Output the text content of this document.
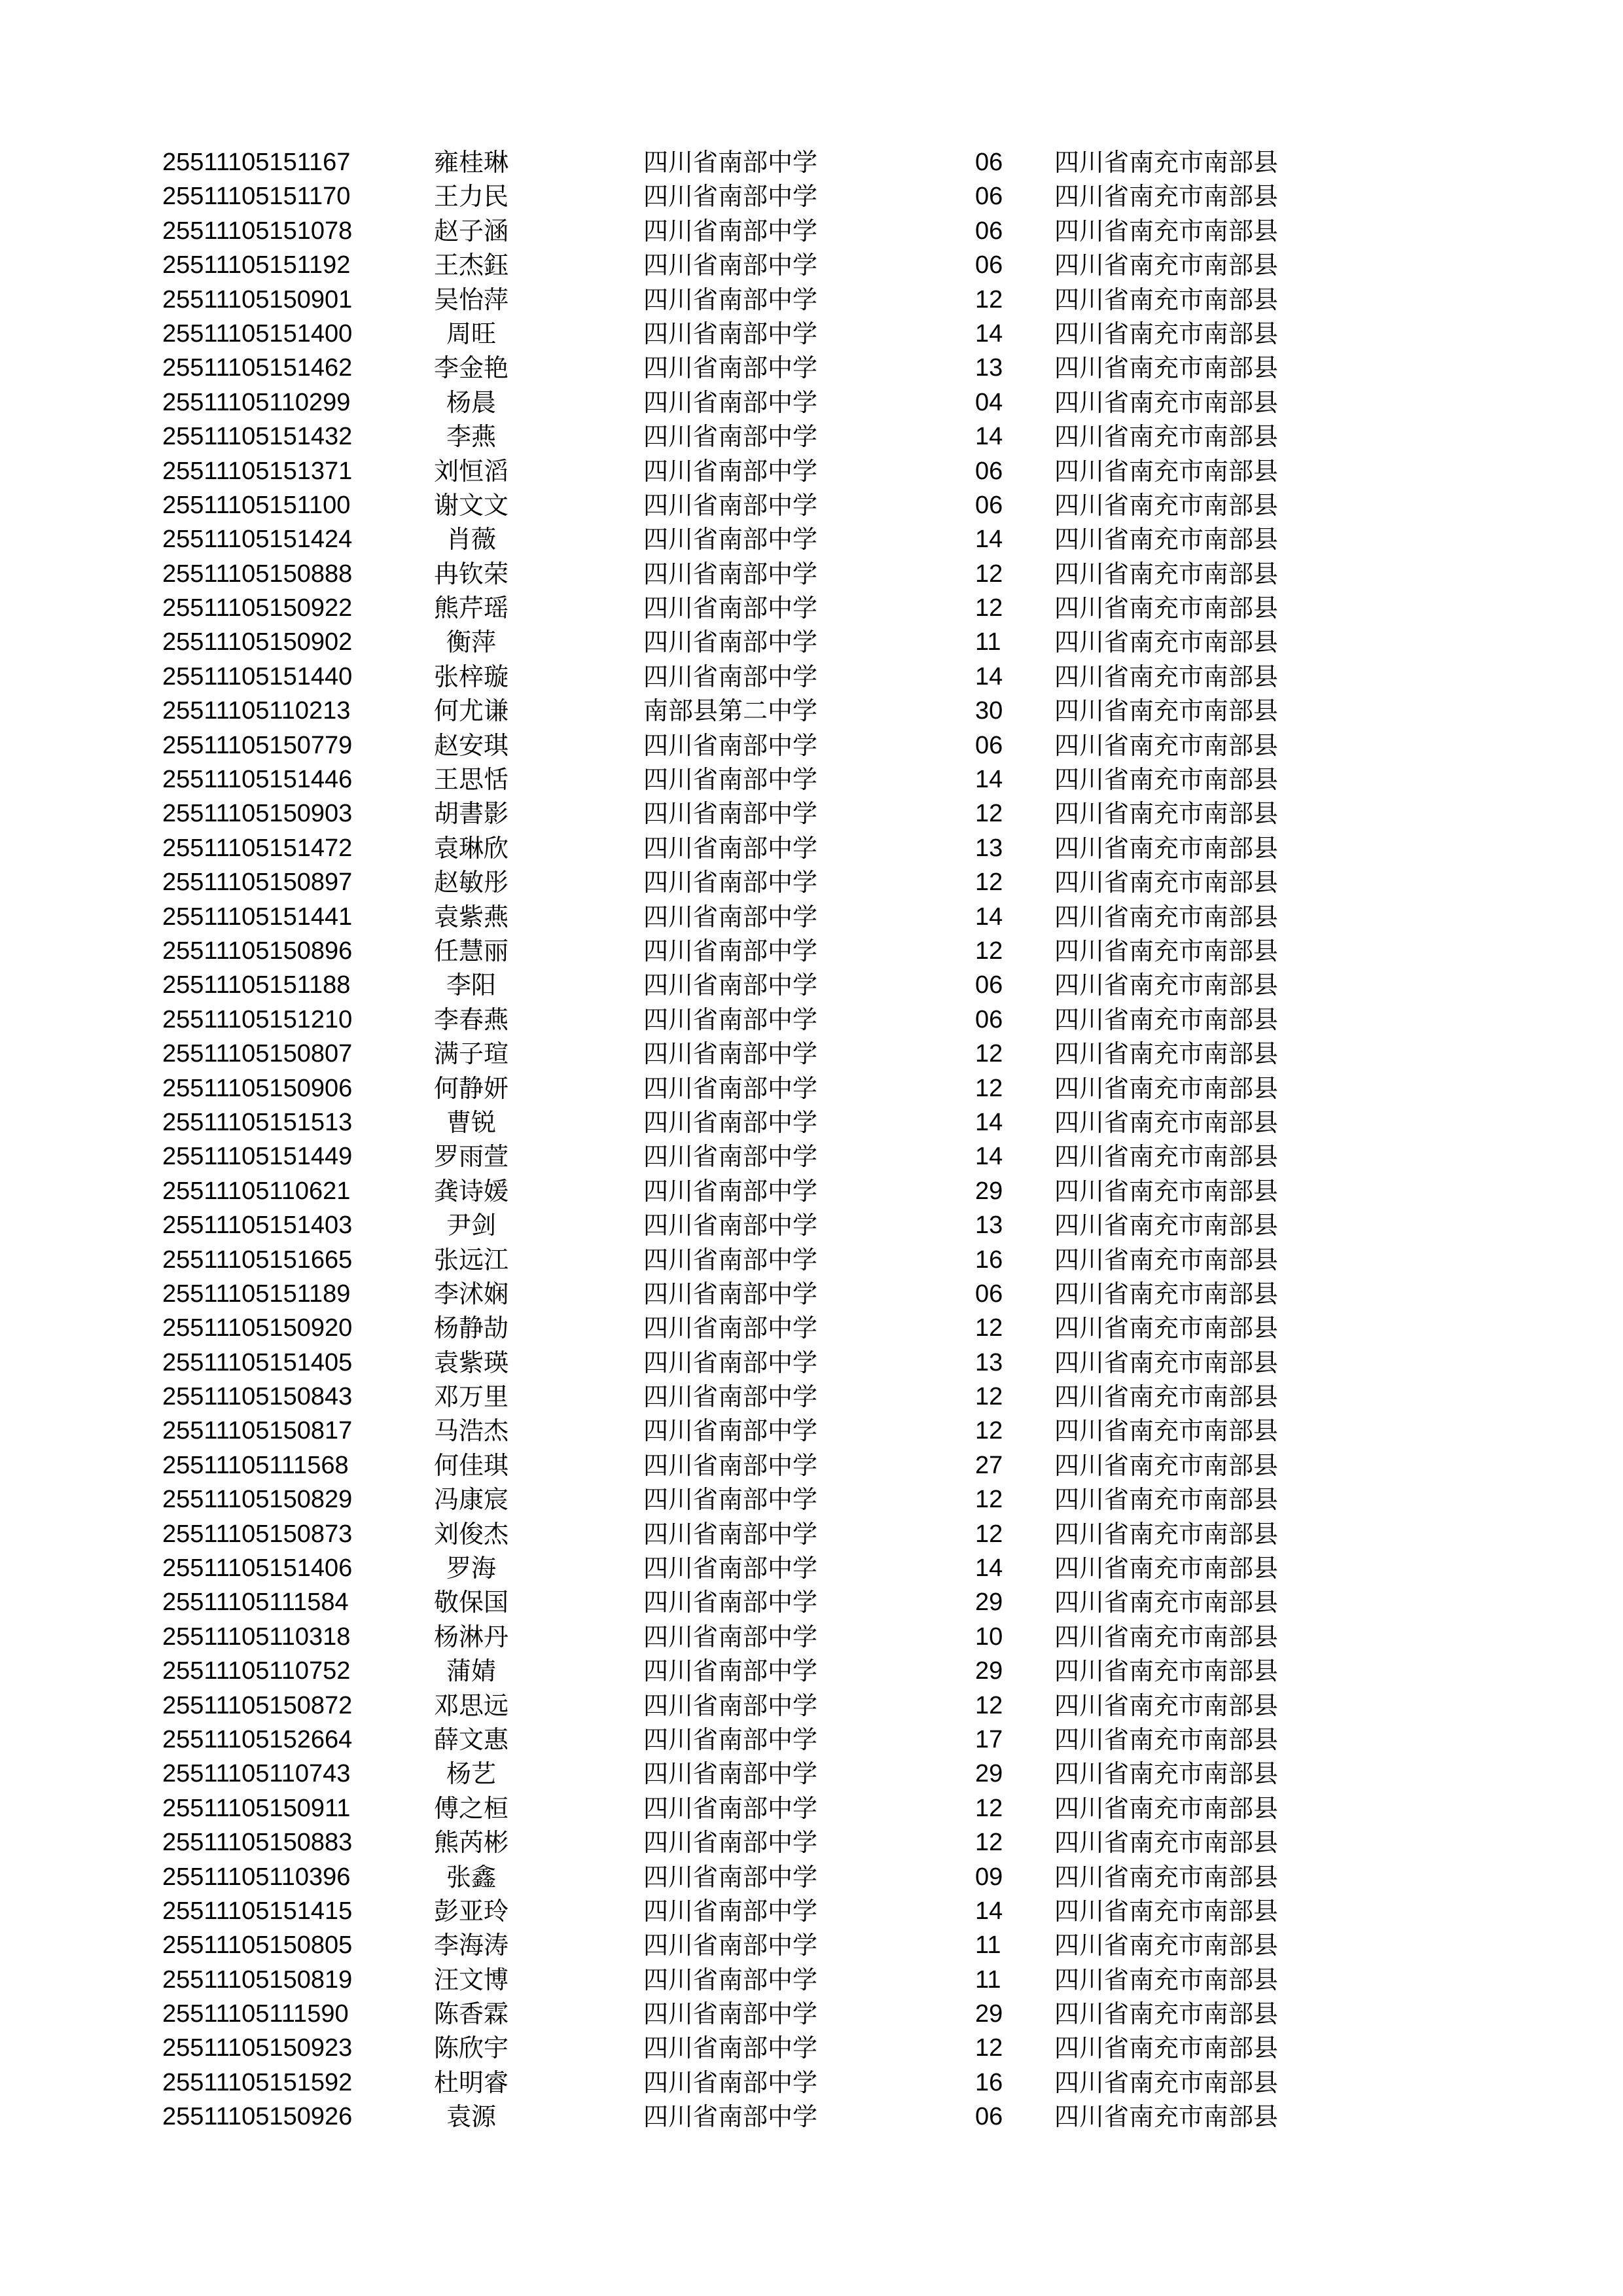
25511105151167	雍桂琳	四川省南部中学	06 四川省南充市南部县
25511105151170	王力民	四川省南部中学	06 四川省南充市南部县
25511105151078	赵子涵	四川省南部中学	06 四川省南充市南部县
25511105151192	王杰鈺	四川省南部中学	06 四川省南充市南部县
25511105150901	吴怡萍	四川省南部中学	12 四川省南充市南部县
25511105151400	周旺	四川省南部中学	14 四川省南充市南部县
25511105151462	李金艳	四川省南部中学	13 四川省南充市南部县
25511105110299	杨晨	四川省南部中学	04 四川省南充市南部县
25511105151432	李燕	四川省南部中学	14 四川省南充市南部县
25511105151371	刘恒滔	四川省南部中学	06 四川省南充市南部县
25511105151100	谢文文	四川省南部中学	06 四川省南充市南部县
25511105151424	肖薇	四川省南部中学	14 四川省南充市南部县
25511105150888	冉钦荣	四川省南部中学	12 四川省南充市南部县
25511105150922	熊芹瑶	四川省南部中学	12 四川省南充市南部县
25511105150902	衡萍	四川省南部中学	11 四川省南充市南部县
25511105151440	张梓璇	四川省南部中学	14 四川省南充市南部县
25511105110213	何尤谦	南部县第二中学	30 四川省南充市南部县
25511105150779	赵安琪	四川省南部中学	06 四川省南充市南部县
25511105151446	王思恬	四川省南部中学	14 四川省南充市南部县
25511105150903	胡書影	四川省南部中学	12 四川省南充市南部县
25511105151472	袁琳欣	四川省南部中学	13 四川省南充市南部县
25511105150897	赵敏彤	四川省南部中学	12 四川省南充市南部县
25511105151441	袁紫燕	四川省南部中学	14 四川省南充市南部县
25511105150896	任慧丽	四川省南部中学	12 四川省南充市南部县
25511105151188	李阳	四川省南部中学	06 四川省南充市南部县
25511105151210	李春燕	四川省南部中学	06 四川省南充市南部县
25511105150807	满子瑄	四川省南部中学	12 四川省南充市南部县
25511105150906	何静妍	四川省南部中学	12 四川省南充市南部县
25511105151513	曹锐	四川省南部中学	14 四川省南充市南部县
25511105151449	罗雨萱	四川省南部中学	14 四川省南充市南部县
25511105110621	龚诗媛	四川省南部中学	29 四川省南充市南部县
25511105151403	尹剑	四川省南部中学	13 四川省南充市南部县
25511105151665	张远江	四川省南部中学	16 四川省南充市南部县
25511105151189	李沭娴	四川省南部中学	06 四川省南充市南部县
25511105150920	杨静劼	四川省南部中学	12 四川省南充市南部县
25511105151405	袁紫瑛	四川省南部中学	13 四川省南充市南部县
25511105150843	邓万里	四川省南部中学	12 四川省南充市南部县
25511105150817	马浩杰	四川省南部中学	12 四川省南充市南部县
25511105111568	何佳琪	四川省南部中学	27 四川省南充市南部县
25511105150829	冯康宸	四川省南部中学	12 四川省南充市南部县
25511105150873	刘俊杰	四川省南部中学	12 四川省南充市南部县
25511105151406	罗海	四川省南部中学	14 四川省南充市南部县
25511105111584	敬保国	四川省南部中学	29 四川省南充市南部县
25511105110318	杨淋丹	四川省南部中学	10 四川省南充市南部县
25511105110752	蒲婧	四川省南部中学	29 四川省南充市南部县
25511105150872	邓思远	四川省南部中学	12 四川省南充市南部县
25511105152664	薛文惠	四川省南部中学	17 四川省南充市南部县
25511105110743	杨艺	四川省南部中学	29 四川省南充市南部县
25511105150911	傅之桓	四川省南部中学	12 四川省南充市南部县
25511105150883	熊芮彬	四川省南部中学	12 四川省南充市南部县
25511105110396	张鑫	四川省南部中学	09 四川省南充市南部县
25511105151415	彭亚玲	四川省南部中学	14 四川省南充市南部县
25511105150805	李海涛	四川省南部中学	11 四川省南充市南部县
25511105150819	汪文博	四川省南部中学	11 四川省南充市南部县
25511105111590	陈香霖	四川省南部中学	29 四川省南充市南部县
25511105150923	陈欣宇	四川省南部中学	12 四川省南充市南部县
25511105151592	杜明睿	四川省南部中学	16 四川省南充市南部县
25511105150926	袁源	四川省南部中学	06 四川省南充市南部县
